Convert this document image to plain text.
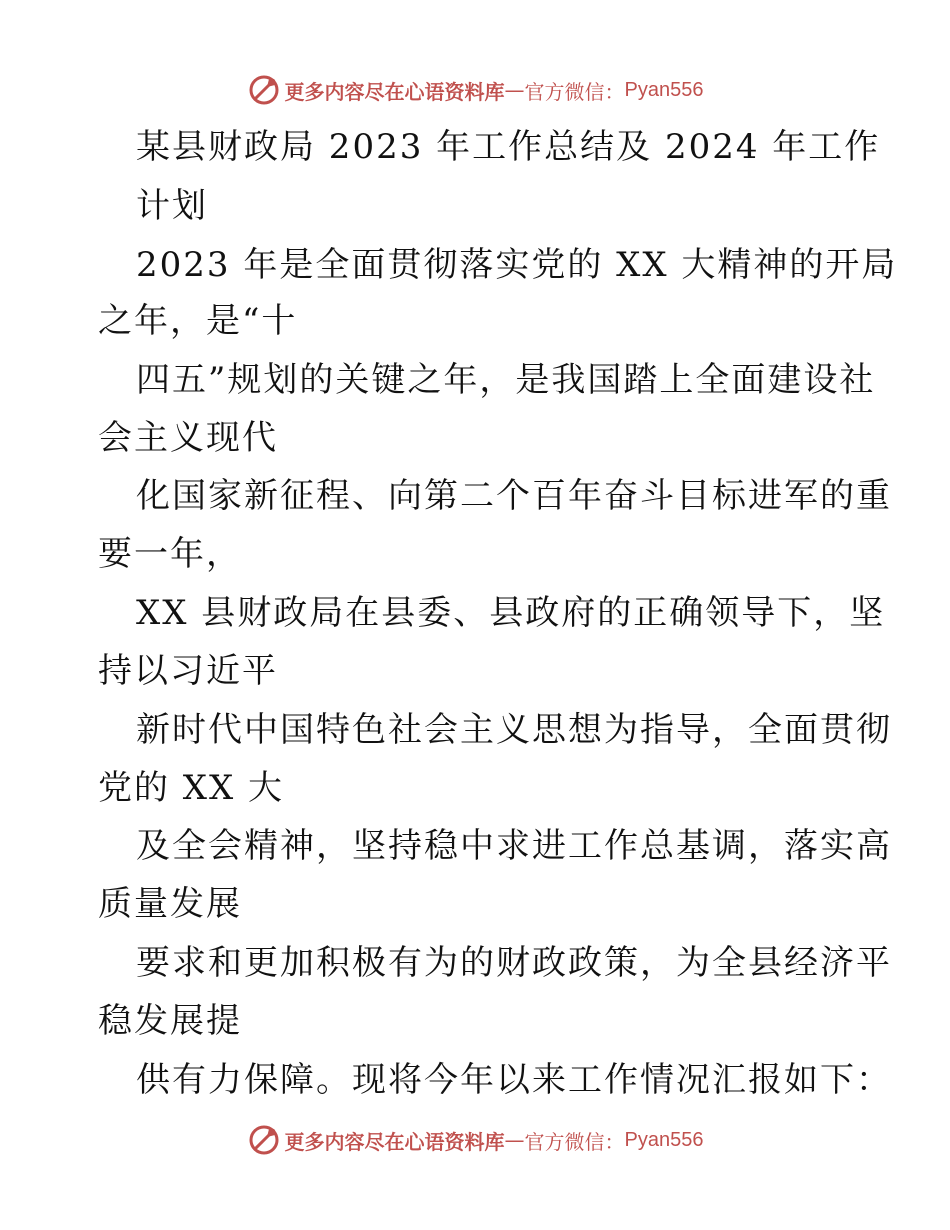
更多内容尽在心语资料库 — 官方微信： Pyan556
某县财政局 2023 年工作总结及 2024 年工作
计划
2023 年是全面贯彻落实党的 XX 大精神的开局
之年，是“十
四五”规划的关键之年，是我国踏上全面建设社
会主义现代
化国家新征程、向第二个百年奋斗目标进军的重
要一年，
XX 县财政局在县委、县政府的正确领导下，坚
持以习近平
新时代中国特色社会主义思想为指导，全面贯彻
党的 XX 大
及全会精神，坚持稳中求进工作总基调，落实高
质量发展
要求和更加积极有为的财政政策，为全县经济平
稳发展提
供有力保障。现将今年以来工作情况汇报如下：
更多内容尽在心语资料库 — 官方微信： Pyan556
